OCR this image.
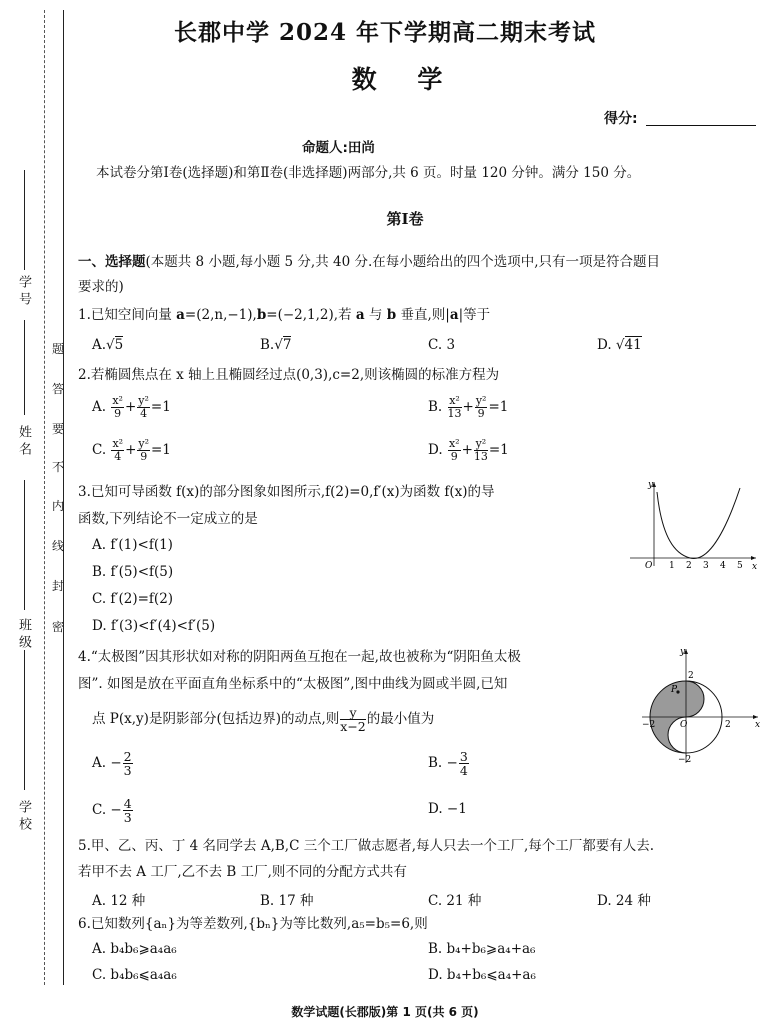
学 号
姓 名
班 级
学 校
题
答
要
不
内
线
封
密
长郡中学 2024 年下学期高二期末考试
数 学
得分:
命题人:田尚
本试卷分第Ⅰ卷(选择题)和第Ⅱ卷(非选择题)两部分,共 6 页。时量 120 分钟。满分 150 分。
第Ⅰ卷
一、选择题(本题共 8 小题,每小题 5 分,共 40 分.在每小题给出的四个选项中,只有一项是符合题目
要求的)
1.已知空间向量 a=(2,n,−1),b=(−2,1,2),若 a 与 b 垂直,则|a|等于
A.√5	B.√7	C. 3	D. √41
2.若椭圆焦点在 x 轴上且椭圆经过点(0,3),c=2,则该椭圆的标准方程为
A. $\frac{\text{x²}}{9} + \frac{\text{y²}}{4} =1$	B. $\frac{\text{x²}}{13} + \frac{\text{y²}}{9} =1$
C. $\frac{\text{x²}}{4} + \frac{\text{y²}}{9} =1$	D. $\frac{\text{x²}}{9} + \frac{\text{y²}}{13} =1$
3.已知可导函数 f(x)的部分图象如图所示,f(2)=0,f′(x)为函数 f(x)的导
函数,下列结论不一定成立的是
A. f′(1)<f(1)
B. f′(5)<f(5)
C. f′(2)=f(2)
D. f′(3)<f′(4)<f′(5)
O
y
x
1 2 3 4 5
4.“太极图”因其形状如对称的阴阳两鱼互抱在一起,故也被称为“阴阳鱼太极
图”. 如图是放在平面直角坐标系中的“太极图”,图中曲线为圆或半圆,已知
点 P(x,y)是阴影部分(包括边界)的动点,则 $\frac{y}{x-2}$ 的最小值为
A. − $\frac{2}{3}$	B. − $\frac{3}{4}$
C. − $\frac{4}{3}$	D. −1
P
O
y
x
2
−2
2
−2
5.甲、乙、丙、丁 4 名同学去 A,B,C 三个工厂做志愿者,每人只去一个工厂,每个工厂都要有人去.
若甲不去 A 工厂,乙不去 B 工厂,则不同的分配方式共有
A. 12 种	B. 17 种	C. 21 种	D. 24 种
6.已知数列{aₙ}为等差数列,{bₙ}为等比数列,a₅=b₅=6,则
A. b₄b₆⩾a₄a₆	B. b₄+b₆⩾a₄+a₆
C. b₄b₆⩽a₄a₆	D. b₄+b₆⩽a₄+a₆
数学试题(长郡版)第 1 页(共 6 页)
